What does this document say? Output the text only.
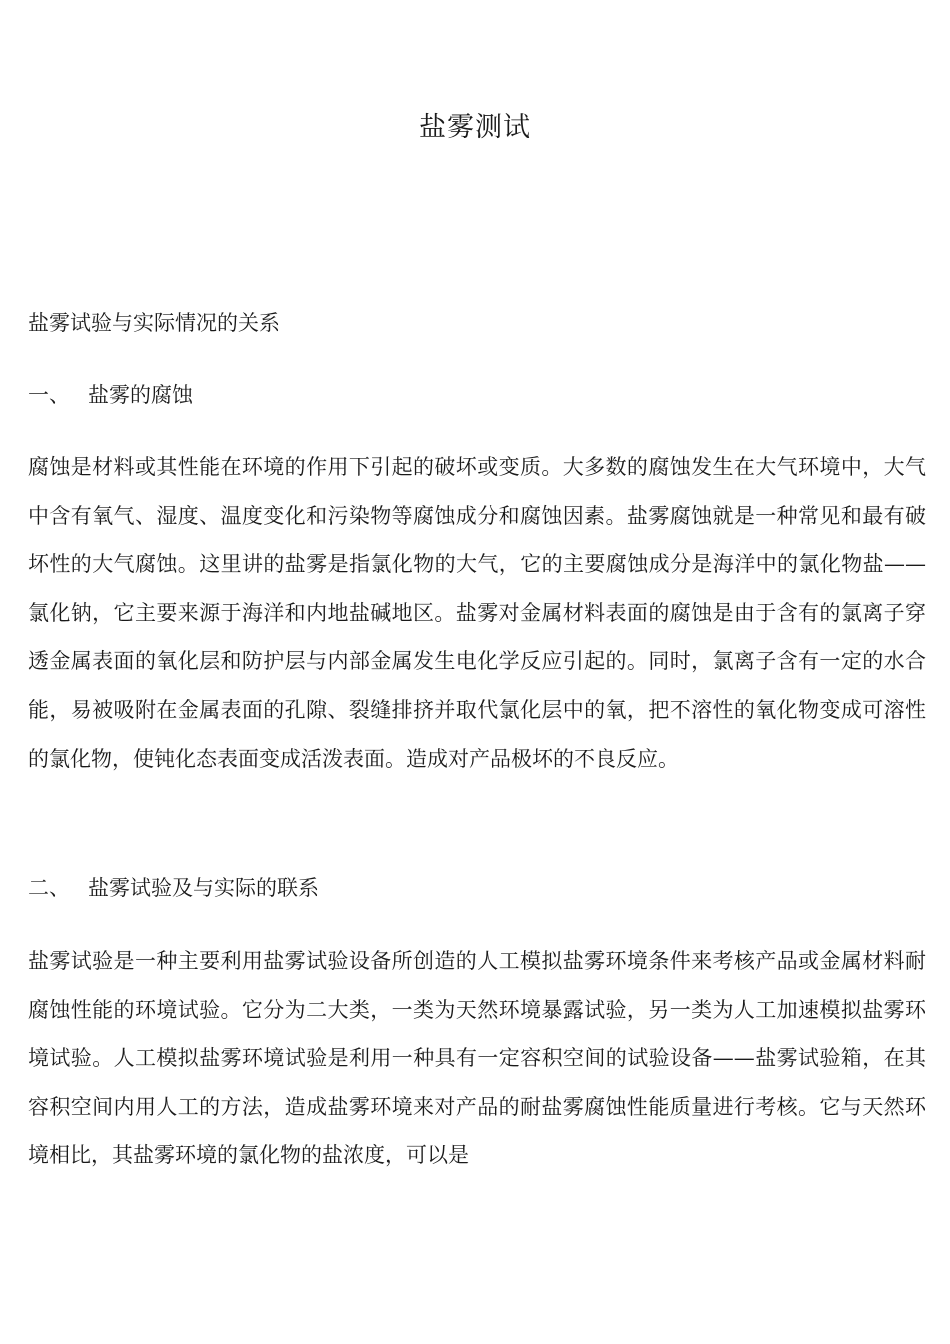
盐雾测试
盐雾试验与实际情况的关系
一、 盐雾的腐蚀

腐蚀是材料或其性能在环境的作用下引起的破坏或变质。大多数的腐蚀发生在大气环境中，大气中含有氧气、湿度、温度变化和污染物等腐蚀成分和腐蚀因素。盐雾腐蚀就是一种常见和最有破坏性的大气腐蚀。这里讲的盐雾是指氯化物的大气，它的主要腐蚀成分是海洋中的氯化物盐——氯化钠，它主要来源于海洋和内地盐碱地区。盐雾对金属材料表面的腐蚀是由于含有的氯离子穿透金属表面的氧化层和防护层与内部金属发生电化学反应引起的。同时，氯离子含有一定的水合能，易被吸附在金属表面的孔隙、裂缝排挤并取代氯化层中的氧，把不溶性的氧化物变成可溶性的氯化物，使钝化态表面变成活泼表面。造成对产品极坏的不良反应。

二、 盐雾试验及与实际的联系

盐雾试验是一种主要利用盐雾试验设备所创造的人工模拟盐雾环境条件来考核产品或金属材料耐腐蚀性能的环境试验。它分为二大类，一类为天然环境暴露试验，另一类为人工加速模拟盐雾环境试验。人工模拟盐雾环境试验是利用一种具有一定容积空间的试验设备——盐雾试验箱，在其容积空间内用人工的方法，造成盐雾环境来对产品的耐盐雾腐蚀性能质量进行考核。它与天然环境相比，其盐雾环境的氯化物的盐浓度，可以是
